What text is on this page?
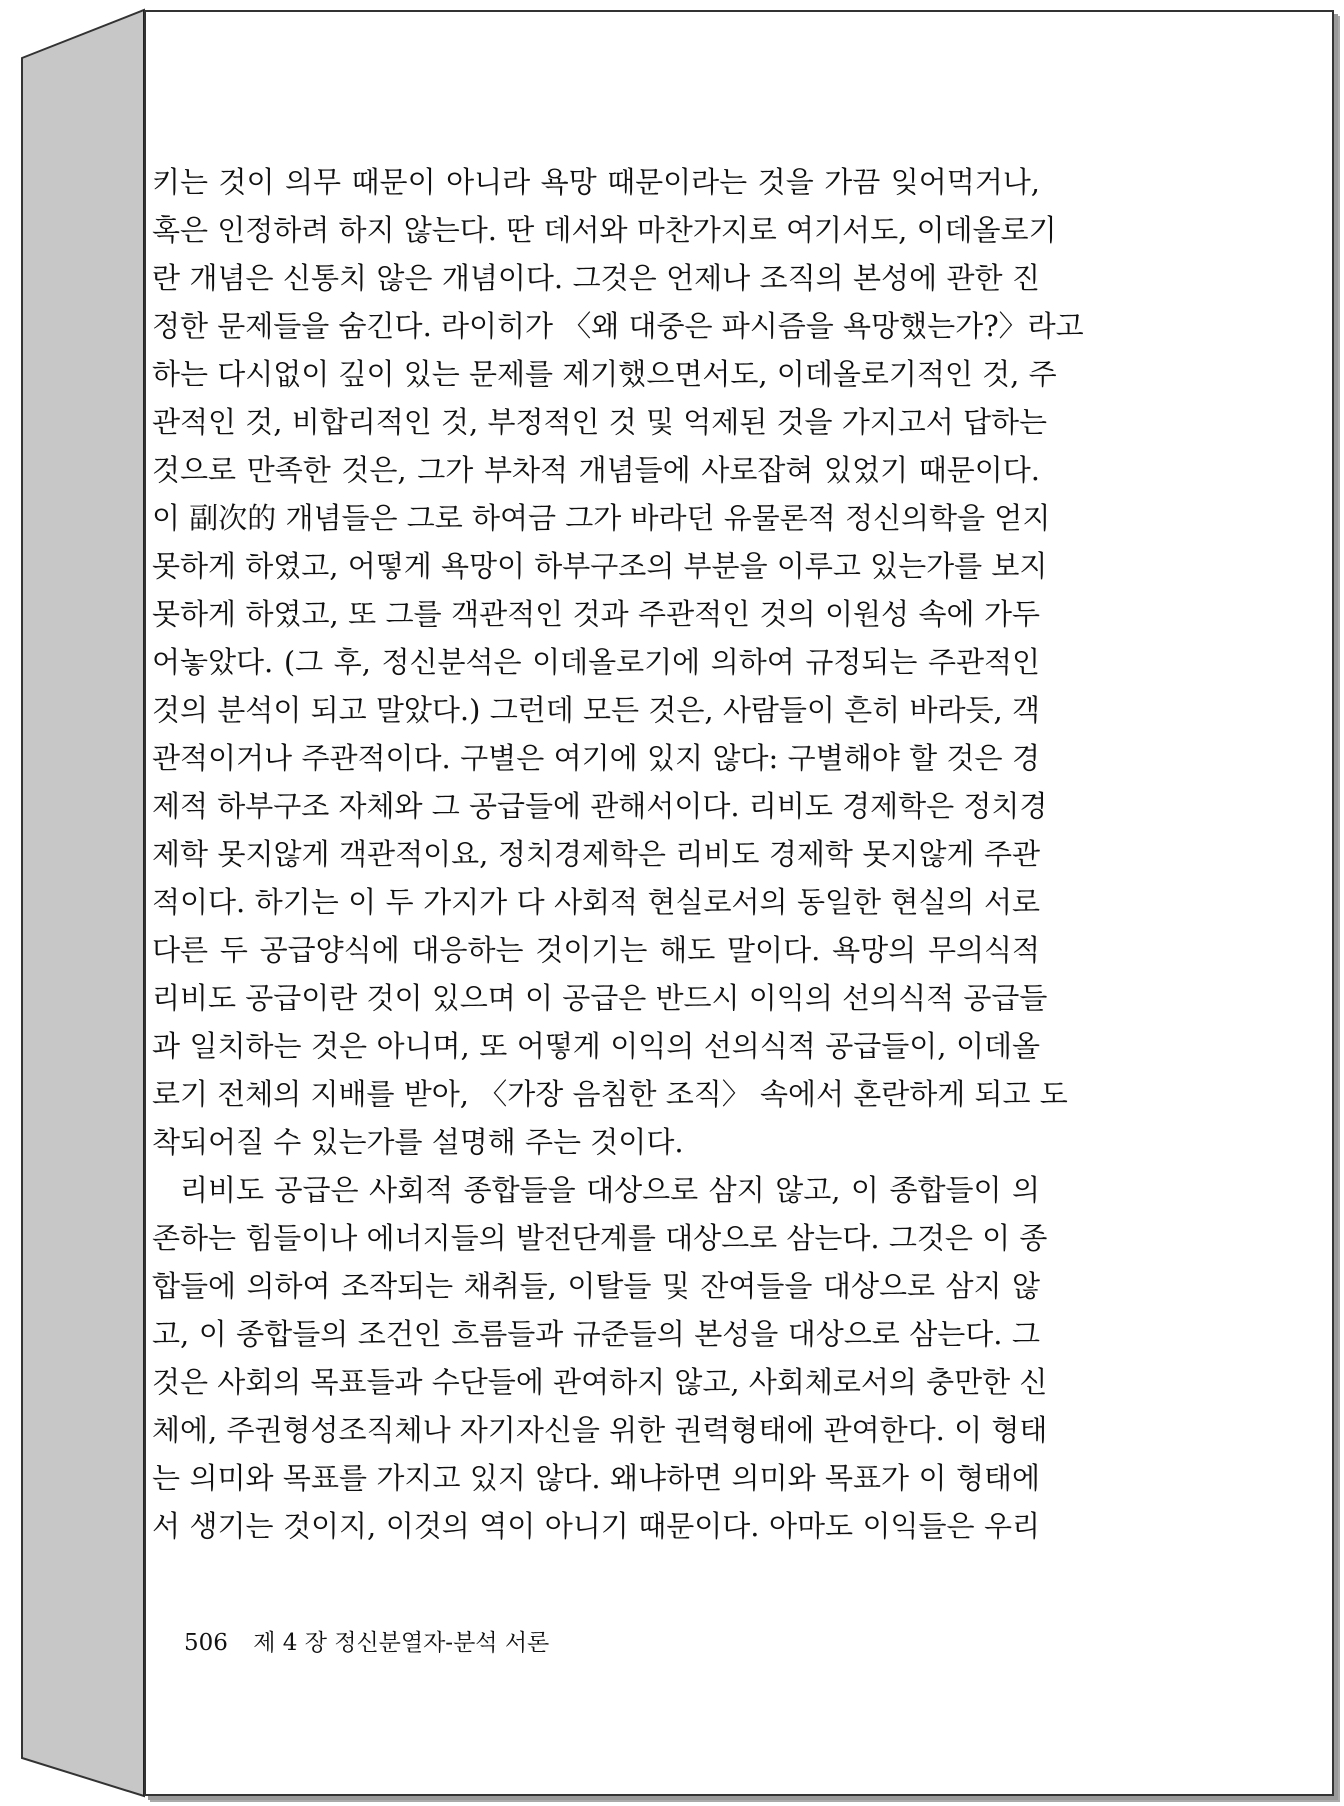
키는 것이 의무 때문이 아니라 욕망 때문이라는 것을 가끔 잊어먹거나,
혹은 인정하려 하지 않는다. 딴 데서와 마찬가지로 여기서도, 이데올로기
란 개념은 신통치 않은 개념이다. 그것은 언제나 조직의 본성에 관한 진
정한 문제들을 숨긴다. 라이히가 〈왜 대중은 파시즘을 욕망했는가?〉라고
하는 다시없이 깊이 있는 문제를 제기했으면서도, 이데올로기적인 것, 주
관적인 것, 비합리적인 것, 부정적인 것 및 억제된 것을 가지고서 답하는
것으로 만족한 것은, 그가 부차적 개념들에 사로잡혀 있었기 때문이다.
이 副次的 개념들은 그로 하여금 그가 바라던 유물론적 정신의학을 얻지
못하게 하였고, 어떻게 욕망이 하부구조의 부분을 이루고 있는가를 보지
못하게 하였고, 또 그를 객관적인 것과 주관적인 것의 이원성 속에 가두
어놓았다. (그 후, 정신분석은 이데올로기에 의하여 규정되는 주관적인
것의 분석이 되고 말았다.) 그런데 모든 것은, 사람들이 흔히 바라듯, 객
관적이거나 주관적이다. 구별은 여기에 있지 않다: 구별해야 할 것은 경
제적 하부구조 자체와 그 공급들에 관해서이다. 리비도 경제학은 정치경
제학 못지않게 객관적이요, 정치경제학은 리비도 경제학 못지않게 주관
적이다. 하기는 이 두 가지가 다 사회적 현실로서의 동일한 현실의 서로
다른 두 공급양식에 대응하는 것이기는 해도 말이다. 욕망의 무의식적
리비도 공급이란 것이 있으며 이 공급은 반드시 이익의 선의식적 공급들
과 일치하는 것은 아니며, 또 어떻게 이익의 선의식적 공급들이, 이데올
로기 전체의 지배를 받아, 〈가장 음침한 조직〉 속에서 혼란하게 되고 도
착되어질 수 있는가를 설명해 주는 것이다.
리비도 공급은 사회적 종합들을 대상으로 삼지 않고, 이 종합들이 의
존하는 힘들이나 에너지들의 발전단계를 대상으로 삼는다. 그것은 이 종
합들에 의하여 조작되는 채취들, 이탈들 및 잔여들을 대상으로 삼지 않
고, 이 종합들의 조건인 흐름들과 규준들의 본성을 대상으로 삼는다. 그
것은 사회의 목표들과 수단들에 관여하지 않고, 사회체로서의 충만한 신
체에, 주권형성조직체나 자기자신을 위한 권력형태에 관여한다. 이 형태
는 의미와 목표를 가지고 있지 않다. 왜냐하면 의미와 목표가 이 형태에
서 생기는 것이지, 이것의 역이 아니기 때문이다. 아마도 이익들은 우리
506 제 4 장 정신분열자-분석 서론
